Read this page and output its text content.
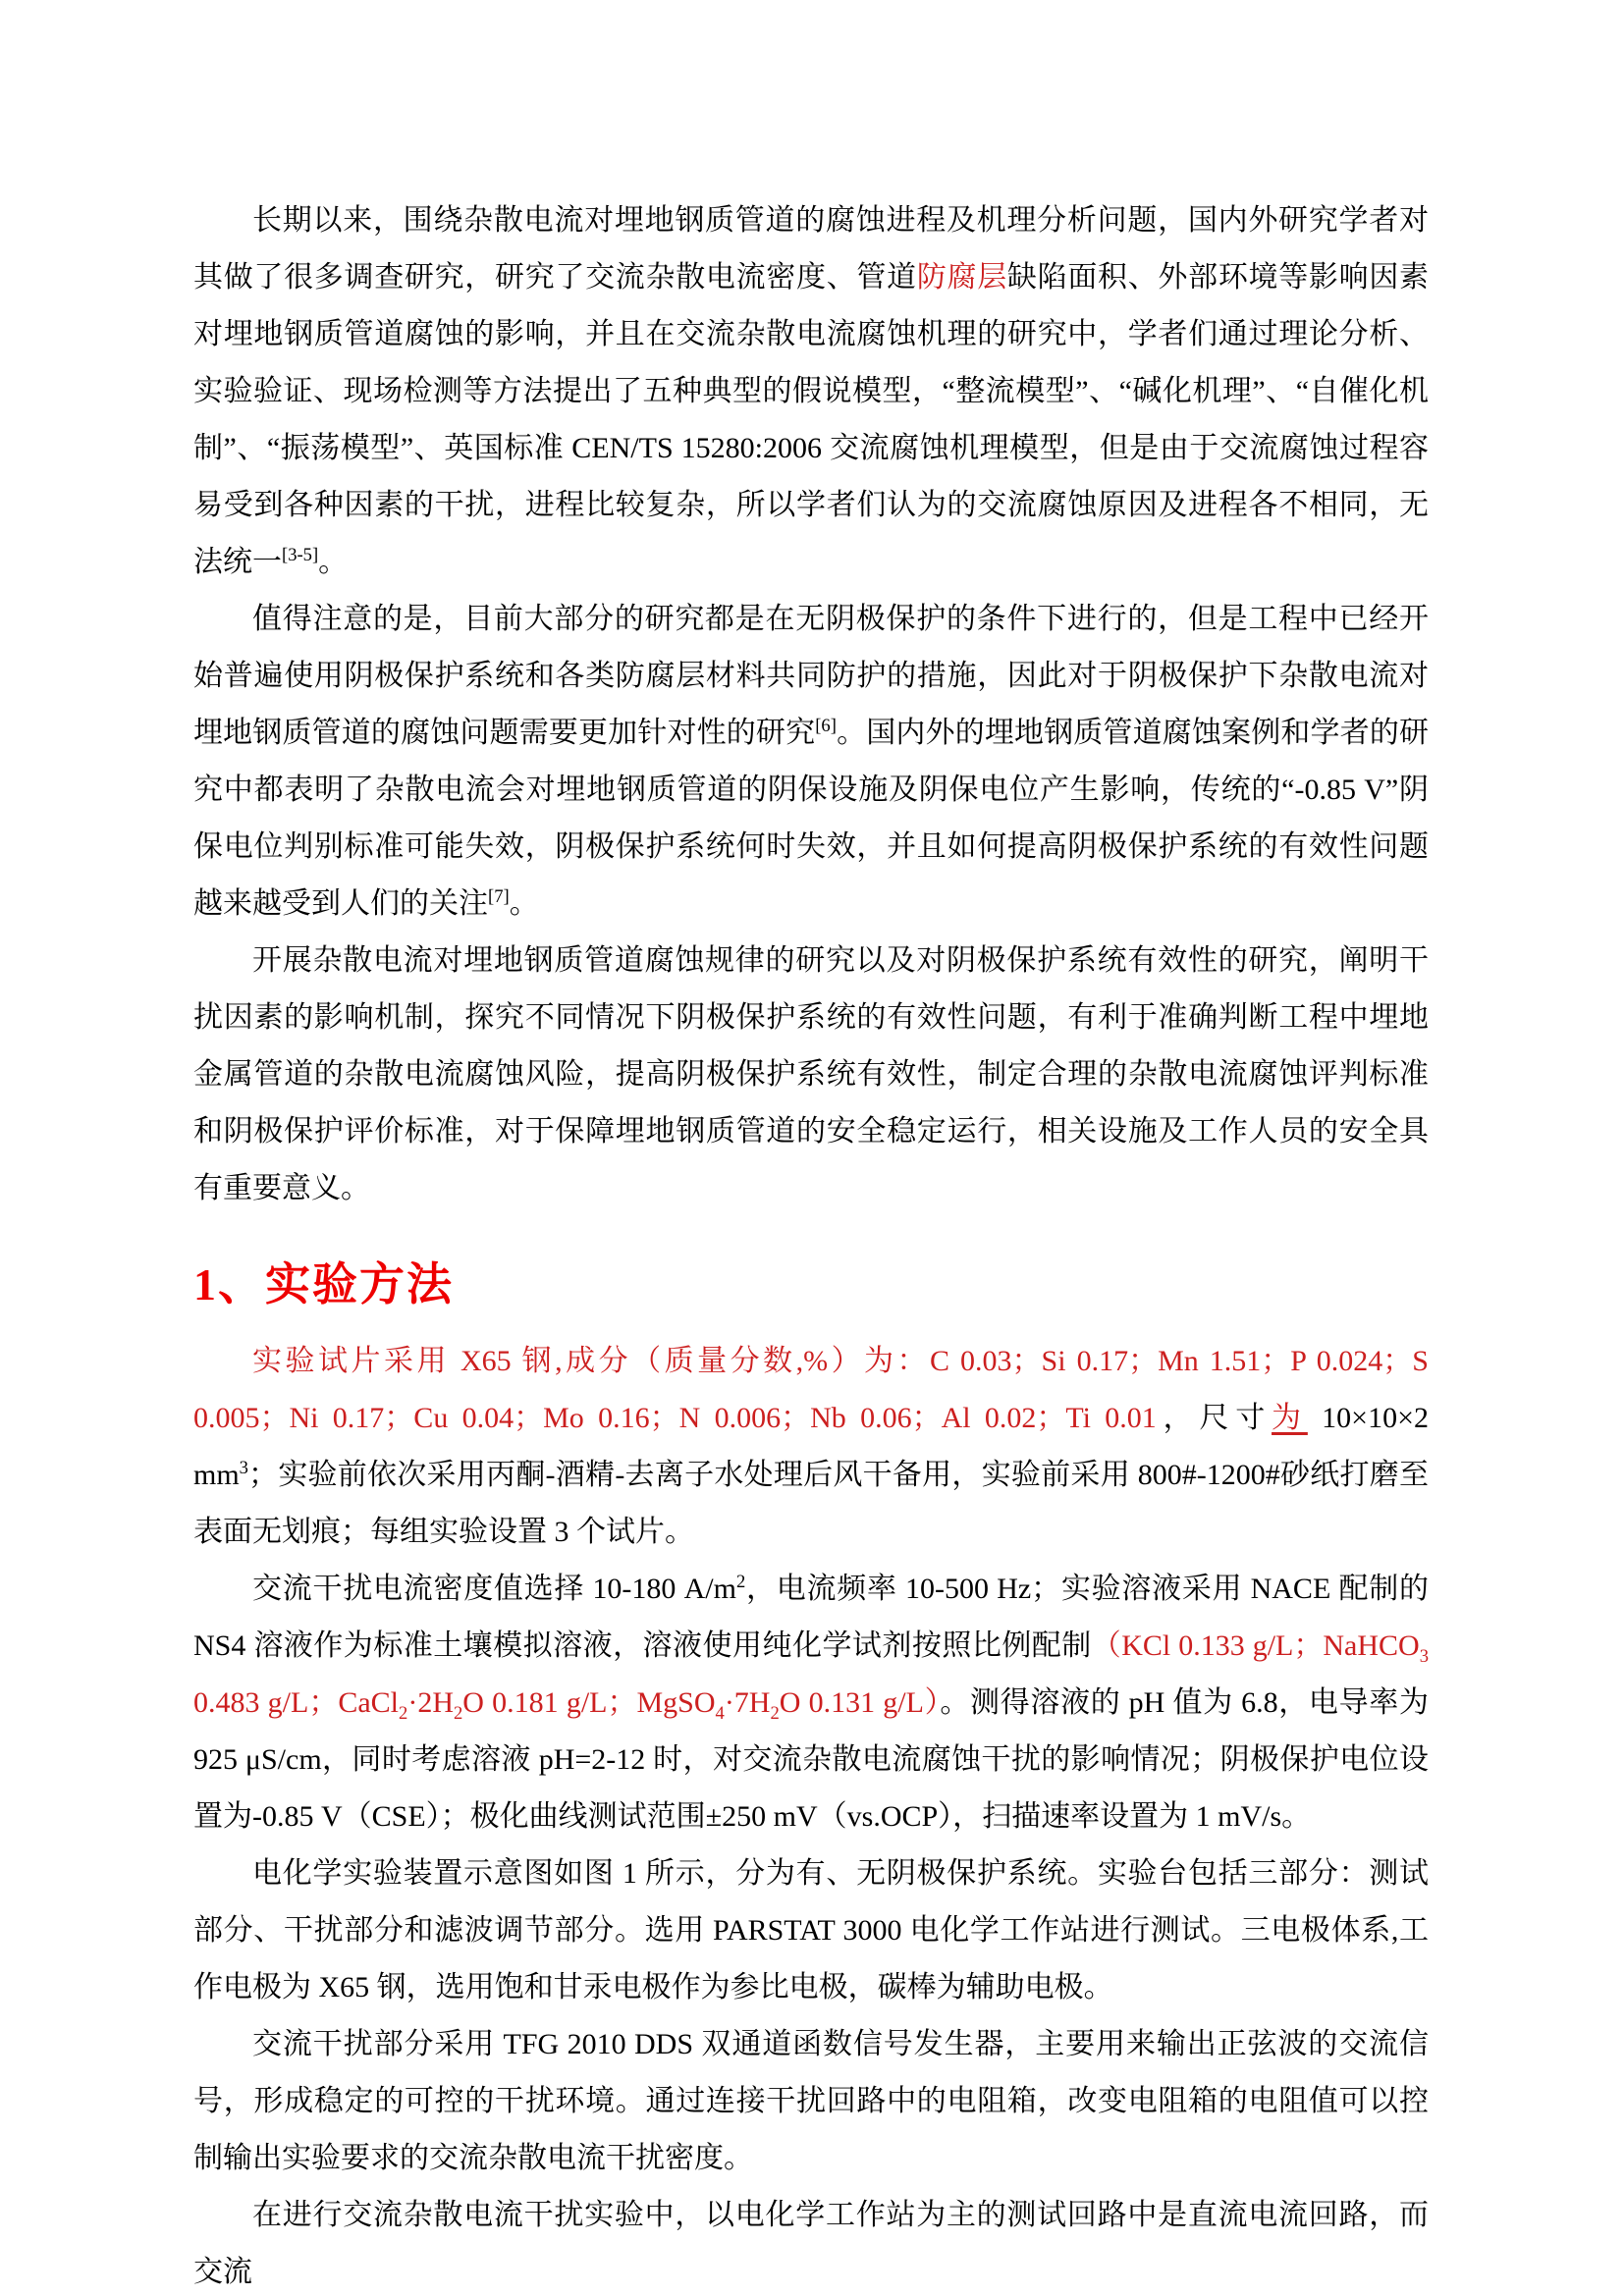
长期以来，围绕杂散电流对埋地钢质管道的腐蚀进程及机理分析问题，国内外研究学者对其做了很多调查研究，研究了交流杂散电流密度、管道防腐层缺陷面积、外部环境等影响因素对埋地钢质管道腐蚀的影响，并且在交流杂散电流腐蚀机理的研究中，学者们通过理论分析、实验验证、现场检测等方法提出了五种典型的假说模型，“整流模型”、“碱化机理”、“自催化机制”、“振荡模型”、英国标准 CEN/TS 15280:2006 交流腐蚀机理模型，但是由于交流腐蚀过程容易受到各种因素的干扰，进程比较复杂，所以学者们认为的交流腐蚀原因及进程各不相同，无法统一[3-5]。

值得注意的是，目前大部分的研究都是在无阴极保护的条件下进行的，但是工程中已经开始普遍使用阴极保护系统和各类防腐层材料共同防护的措施，因此对于阴极保护下杂散电流对埋地钢质管道的腐蚀问题需要更加针对性的研究[6]。国内外的埋地钢质管道腐蚀案例和学者的研究中都表明了杂散电流会对埋地钢质管道的阴保设施及阴保电位产生影响，传统的“-0.85 V”阴保电位判别标准可能失效，阴极保护系统何时失效，并且如何提高阴极保护系统的有效性问题越来越受到人们的关注[7]。

开展杂散电流对埋地钢质管道腐蚀规律的研究以及对阴极保护系统有效性的研究，阐明干扰因素的影响机制，探究不同情况下阴极保护系统的有效性问题，有利于准确判断工程中埋地金属管道的杂散电流腐蚀风险，提高阴极保护系统有效性，制定合理的杂散电流腐蚀评判标准和阴极保护评价标准，对于保障埋地钢质管道的安全稳定运行，相关设施及工作人员的安全具有重要意义。

1、实验方法

实验试片采用 X65 钢,成分（质量分数,%）为：C 0.03；Si 0.17；Mn 1.51；P 0.024；S 0.005；Ni 0.17；Cu 0.04；Mo 0.16；N 0.006；Nb 0.06；Al 0.02；Ti 0.01，尺寸为 10×10×2 $mm^3$；实验前依次采用丙酮-酒精-去离子水处理后风干备用，实验前采用 800#-1200#砂纸打磨至表面无划痕；每组实验设置 3 个试片。

交流干扰电流密度值选择 10-180 $A/m^2$，电流频率 10-500 Hz；实验溶液采用 NACE 配制的 NS4 溶液作为标准土壤模拟溶液，溶液使用纯化学试剂按照比例配制（KCl 0.133 g/L；NaHCO$_3$ 0.483 g/L；$CaCl_2\cdot 2H_2O$ 0.181 g/L；$MgSO_4\cdot 7H_2O$ 0.131 g/L）。测得溶液的 pH 值为 6.8，电导率为 925 μS/cm，同时考虑溶液 pH=2-12 时，对交流杂散电流腐蚀干扰的影响情况；阴极保护电位设置为-0.85 V（CSE）；极化曲线测试范围±250 mV（vs.OCP），扫描速率设置为 1 mV/s。

电化学实验装置示意图如图 1 所示，分为有、无阴极保护系统。实验台包括三部分：测试部分、干扰部分和滤波调节部分。选用 PARSTAT 3000 电化学工作站进行测试。三电极体系,工作电极为 X65 钢，选用饱和甘汞电极作为参比电极，碳棒为辅助电极。

交流干扰部分采用 TFG 2010 DDS 双通道函数信号发生器，主要用来输出正弦波的交流信号，形成稳定的可控的干扰环境。通过连接干扰回路中的电阻箱，改变电阻箱的电阻值可以控制输出实验要求的交流杂散电流干扰密度。

在进行交流杂散电流干扰实验中，以电化学工作站为主的测试回路中是直流电流回路，而交流
